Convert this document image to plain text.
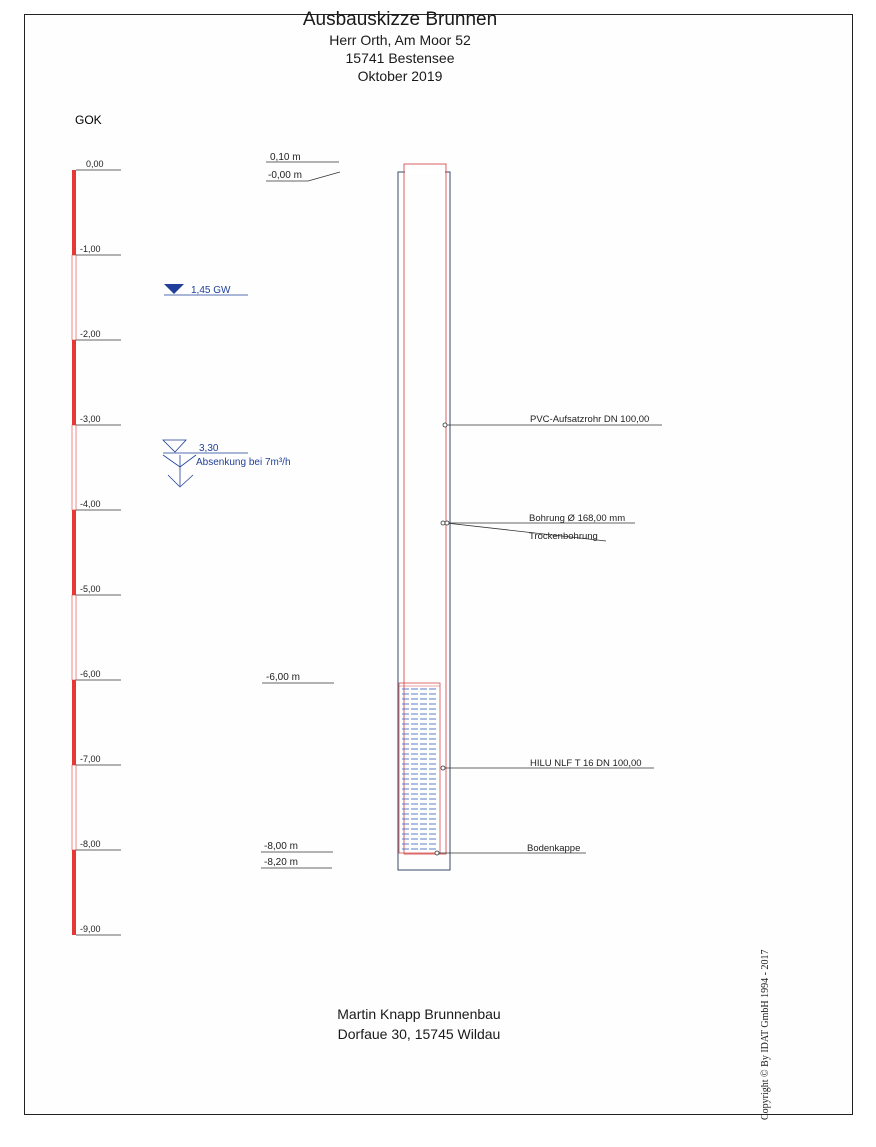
Ausbauskizze Brunnen
Herr Orth, Am Moor 52
15741 Bestensee
Oktober 2019
GOK
0,00
-1,00
-2,00
-3,00
-4,00
-5,00
-6,00
-7,00
-8,00
-9,00
1,45 GW
3,30
Absenkung bei 7m³/h
0,10 m
-0,00 m
-6,00 m
-8,00 m
-8,20 m
PVC-Aufsatzrohr DN 100,00
Bohrung Ø 168,00 mm
Trockenbohrung
HILU NLF T 16 DN 100,00
Bodenkappe
Martin Knapp Brunnenbau
Dorfaue 30, 15745 Wildau	Copyright © By IDAT GmbH 1994 - 2017
